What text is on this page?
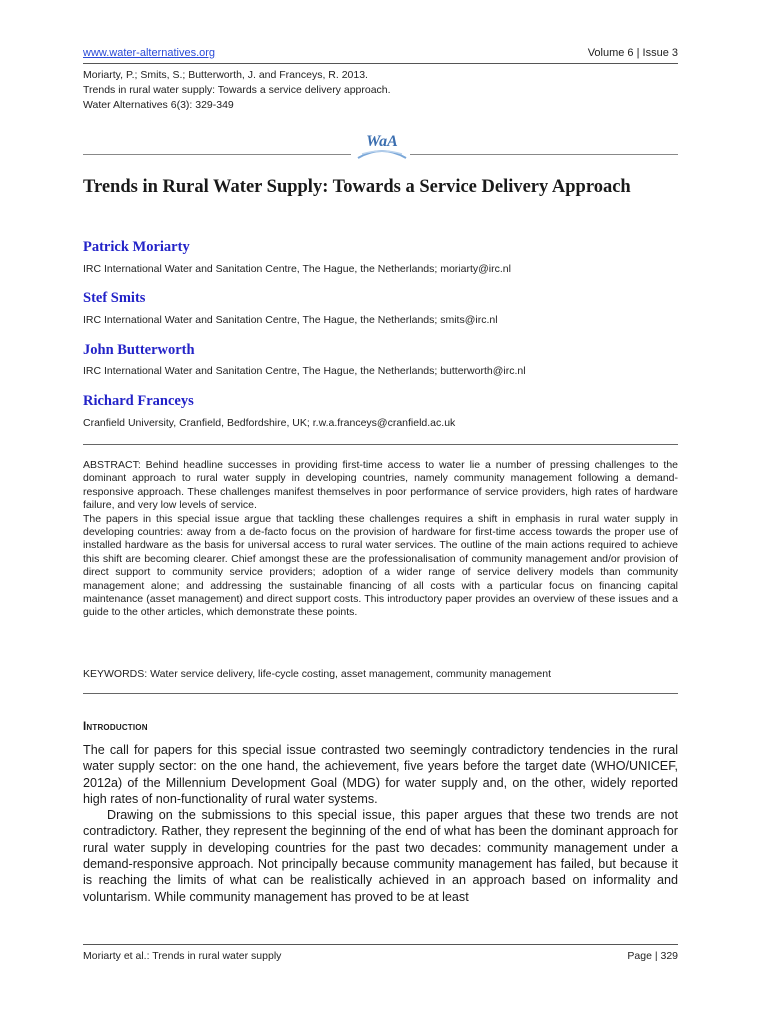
www.water-alternatives.org	Volume 6 | Issue 3
Moriarty, P.; Smits, S.; Butterworth, J. and Franceys, R. 2013.
Trends in rural water supply: Towards a service delivery approach.
Water Alternatives 6(3): 329-349
WaA
Trends in Rural Water Supply: Towards a Service Delivery Approach
Patrick Moriarty
IRC International Water and Sanitation Centre, The Hague, the Netherlands; moriarty@irc.nl
Stef Smits
IRC International Water and Sanitation Centre, The Hague, the Netherlands; smits@irc.nl
John Butterworth
IRC International Water and Sanitation Centre, The Hague, the Netherlands; butterworth@irc.nl
Richard Franceys
Cranfield University, Cranfield, Bedfordshire, UK; r.w.a.franceys@cranfield.ac.uk

ABSTRACT: Behind headline successes in providing first-time access to water lie a number of pressing challenges to the dominant approach to rural water supply in developing countries, namely community management following a demand-responsive approach. These challenges manifest themselves in poor performance of service providers, high rates of hardware failure, and very low levels of service.

The papers in this special issue argue that tackling these challenges requires a shift in emphasis in rural water supply in developing countries: away from a de-facto focus on the provision of hardware for first-time access towards the proper use of installed hardware as the basis for universal access to rural water services. The outline of the main actions required to achieve this shift are becoming clearer. Chief amongst these are the professionalisation of community management and/or provision of direct support to community service providers; adoption of a wider range of service delivery models than community management alone; and addressing the sustainable financing of all costs with a particular focus on financing capital maintenance (asset management) and direct support costs. This introductory paper provides an overview of these issues and a guide to the other articles, which demonstrate these points.

KEYWORDS: Water service delivery, life-cycle costing, asset management, community management
Introduction

The call for papers for this special issue contrasted two seemingly contradictory tendencies in the rural water supply sector: on the one hand, the achievement, five years before the target date (WHO/UNICEF, 2012a) of the Millennium Development Goal (MDG) for water supply and, on the other, widely reported high rates of non-functionality of rural water systems.

Drawing on the submissions to this special issue, this paper argues that these two trends are not contradictory. Rather, they represent the beginning of the end of what has been the dominant approach for rural water supply in developing countries for the past two decades: community management under a demand-responsive approach. Not principally because community management has failed, but because it is reaching the limits of what can be realistically achieved in an approach based on informality and voluntarism. While community management has proved to be at least

Moriarty et al.: Trends in rural water supply	Page | 329
